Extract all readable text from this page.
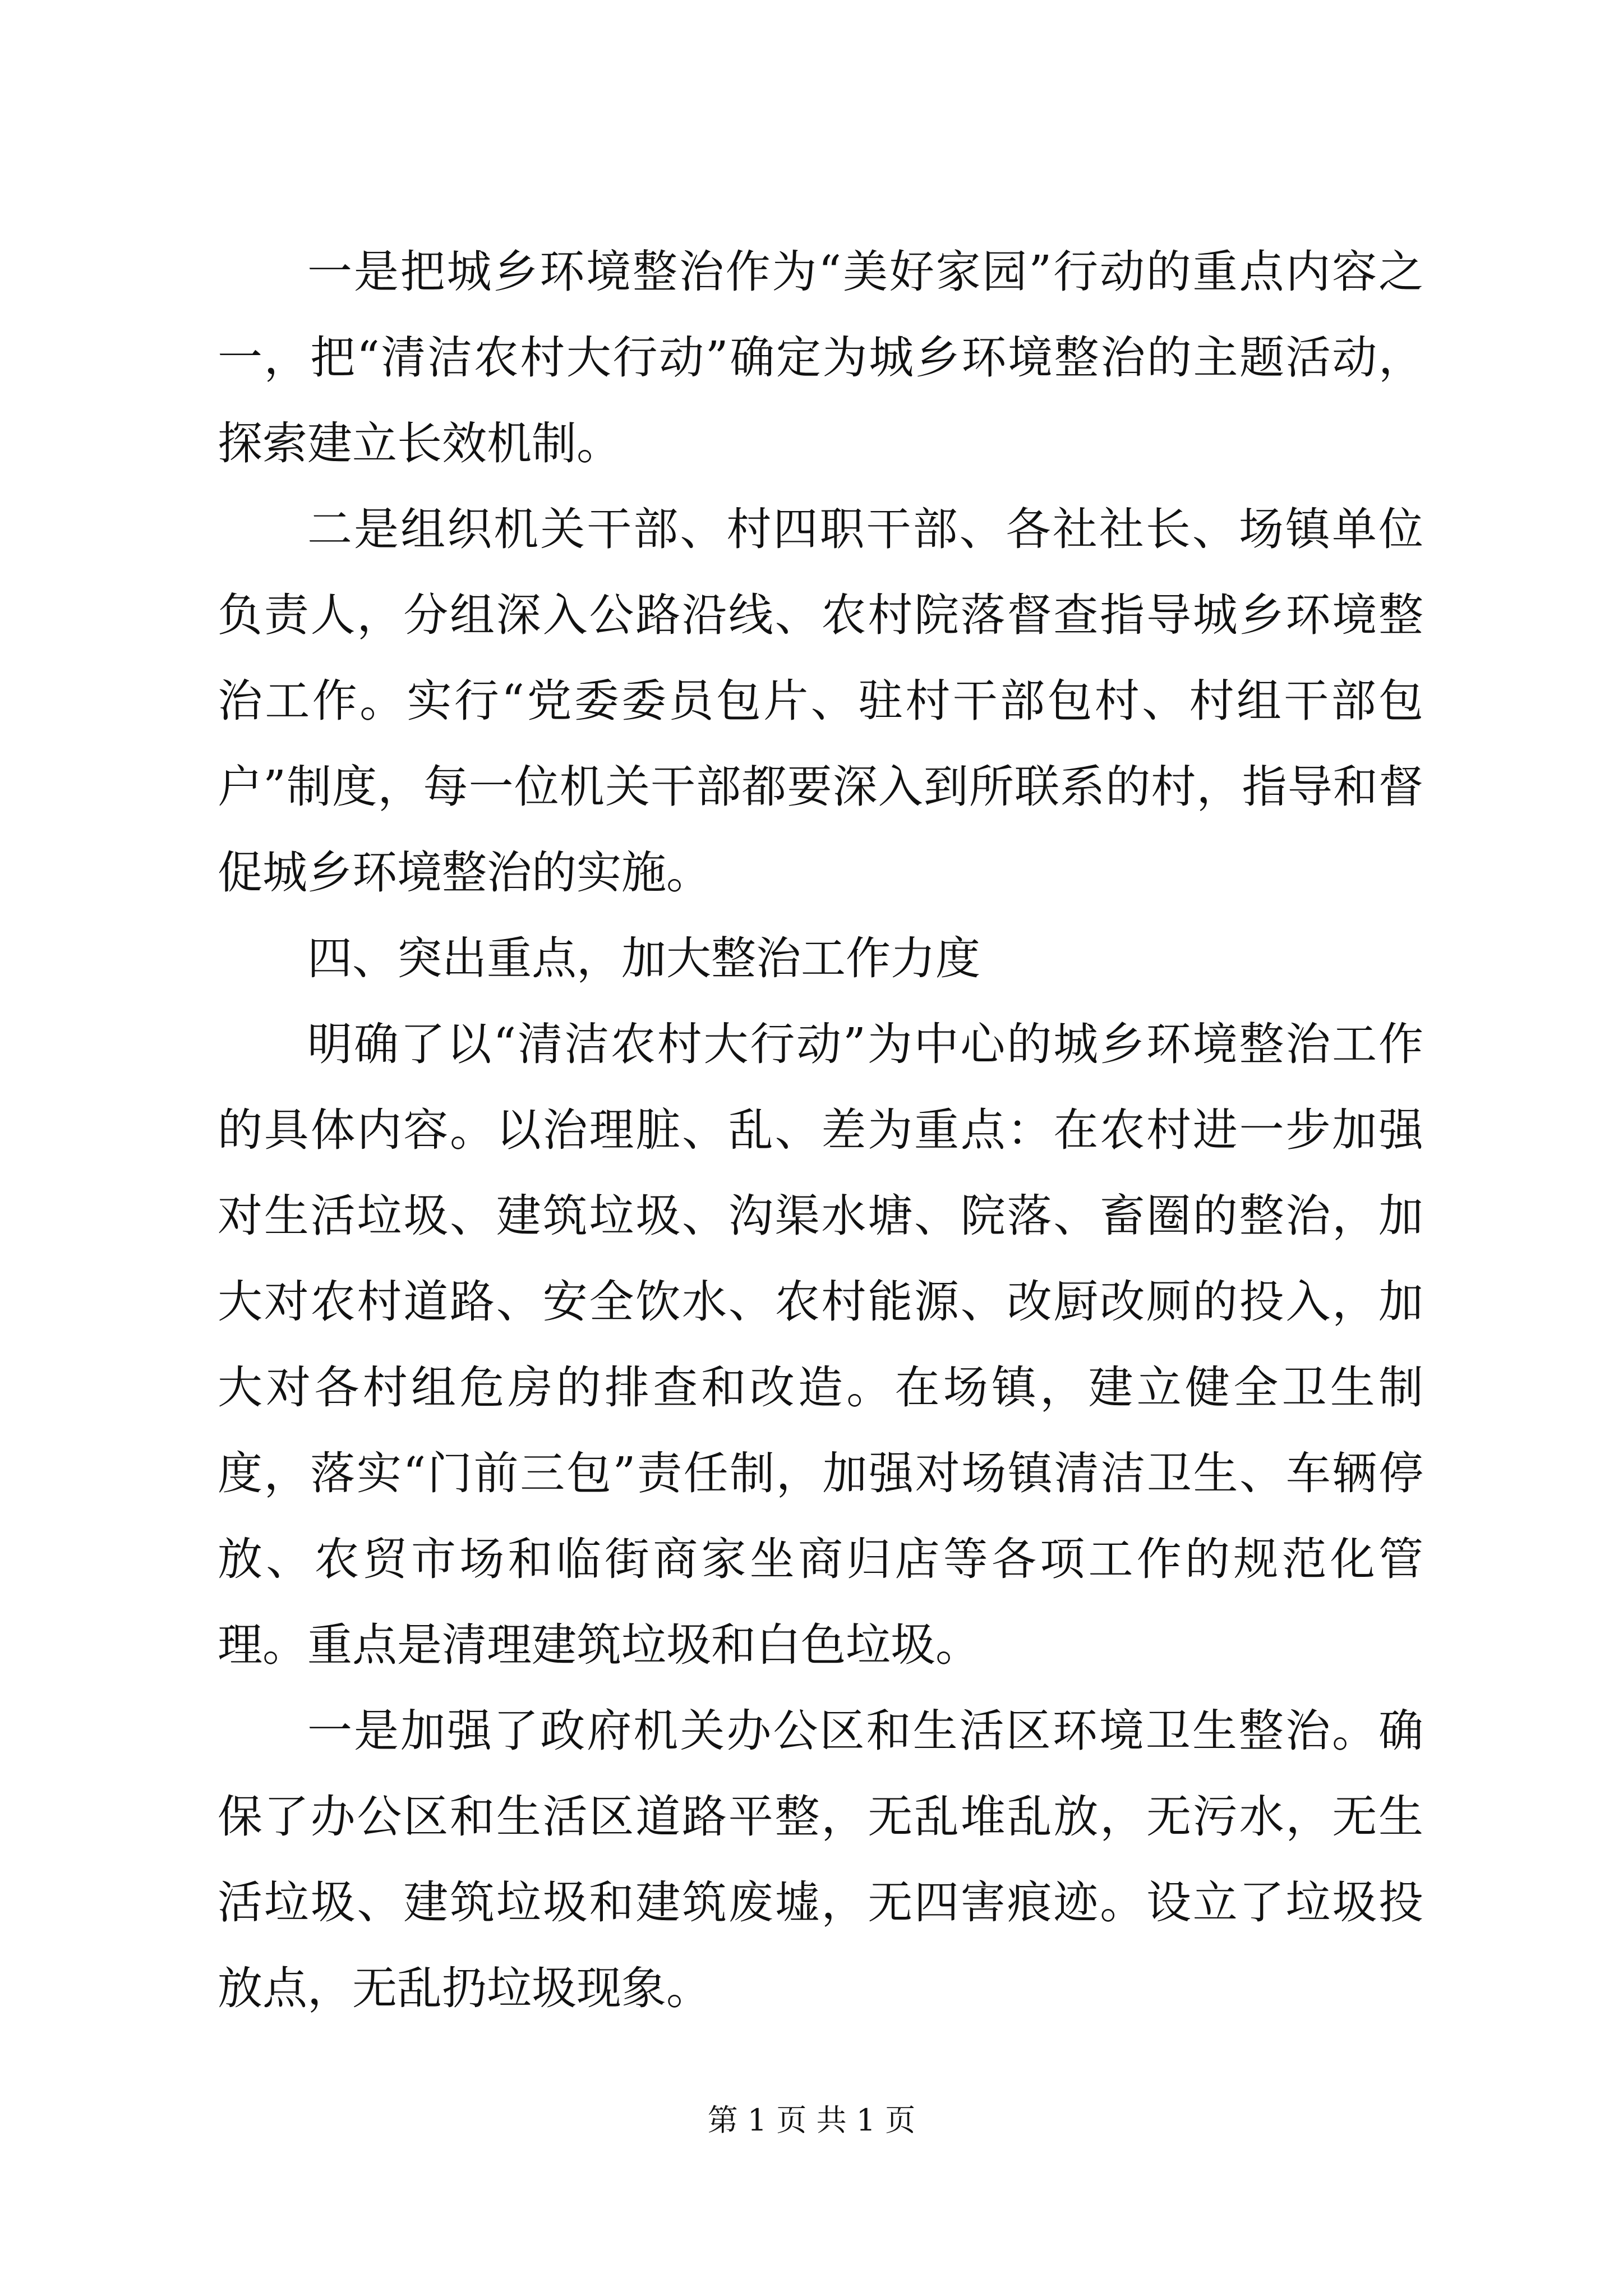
一是把城乡环境整治作为“美好家园”行动的重点内容之一，把“清洁农村大行动”确定为城乡环境整治的主题活动，探索建立长效机制。

二是组织机关干部、村四职干部、各社社长、场镇单位负责人，分组深入公路沿线、农村院落督查指导城乡环境整治工作。实行“党委委员包片、驻村干部包村、村组干部包户”制度，每一位机关干部都要深入到所联系的村，指导和督促城乡环境整治的实施。

四、突出重点，加大整治工作力度

明确了以“清洁农村大行动”为中心的城乡环境整治工作的具体内容。以治理脏、乱、差为重点：在农村进一步加强对生活垃圾、建筑垃圾、沟渠水塘、院落、畜圈的整治，加大对农村道路、安全饮水、农村能源、改厨改厕的投入，加大对各村组危房的排查和改造。在场镇，建立健全卫生制度，落实“门前三包”责任制，加强对场镇清洁卫生、车辆停放、农贸市场和临街商家坐商归店等各项工作的规范化管理。重点是清理建筑垃圾和白色垃圾。

一是加强了政府机关办公区和生活区环境卫生整治。确保了办公区和生活区道路平整，无乱堆乱放，无污水，无生活垃圾、建筑垃圾和建筑废墟，无四害痕迹。设立了垃圾投放点，无乱扔垃圾现象。

第 1 页 共 1 页
